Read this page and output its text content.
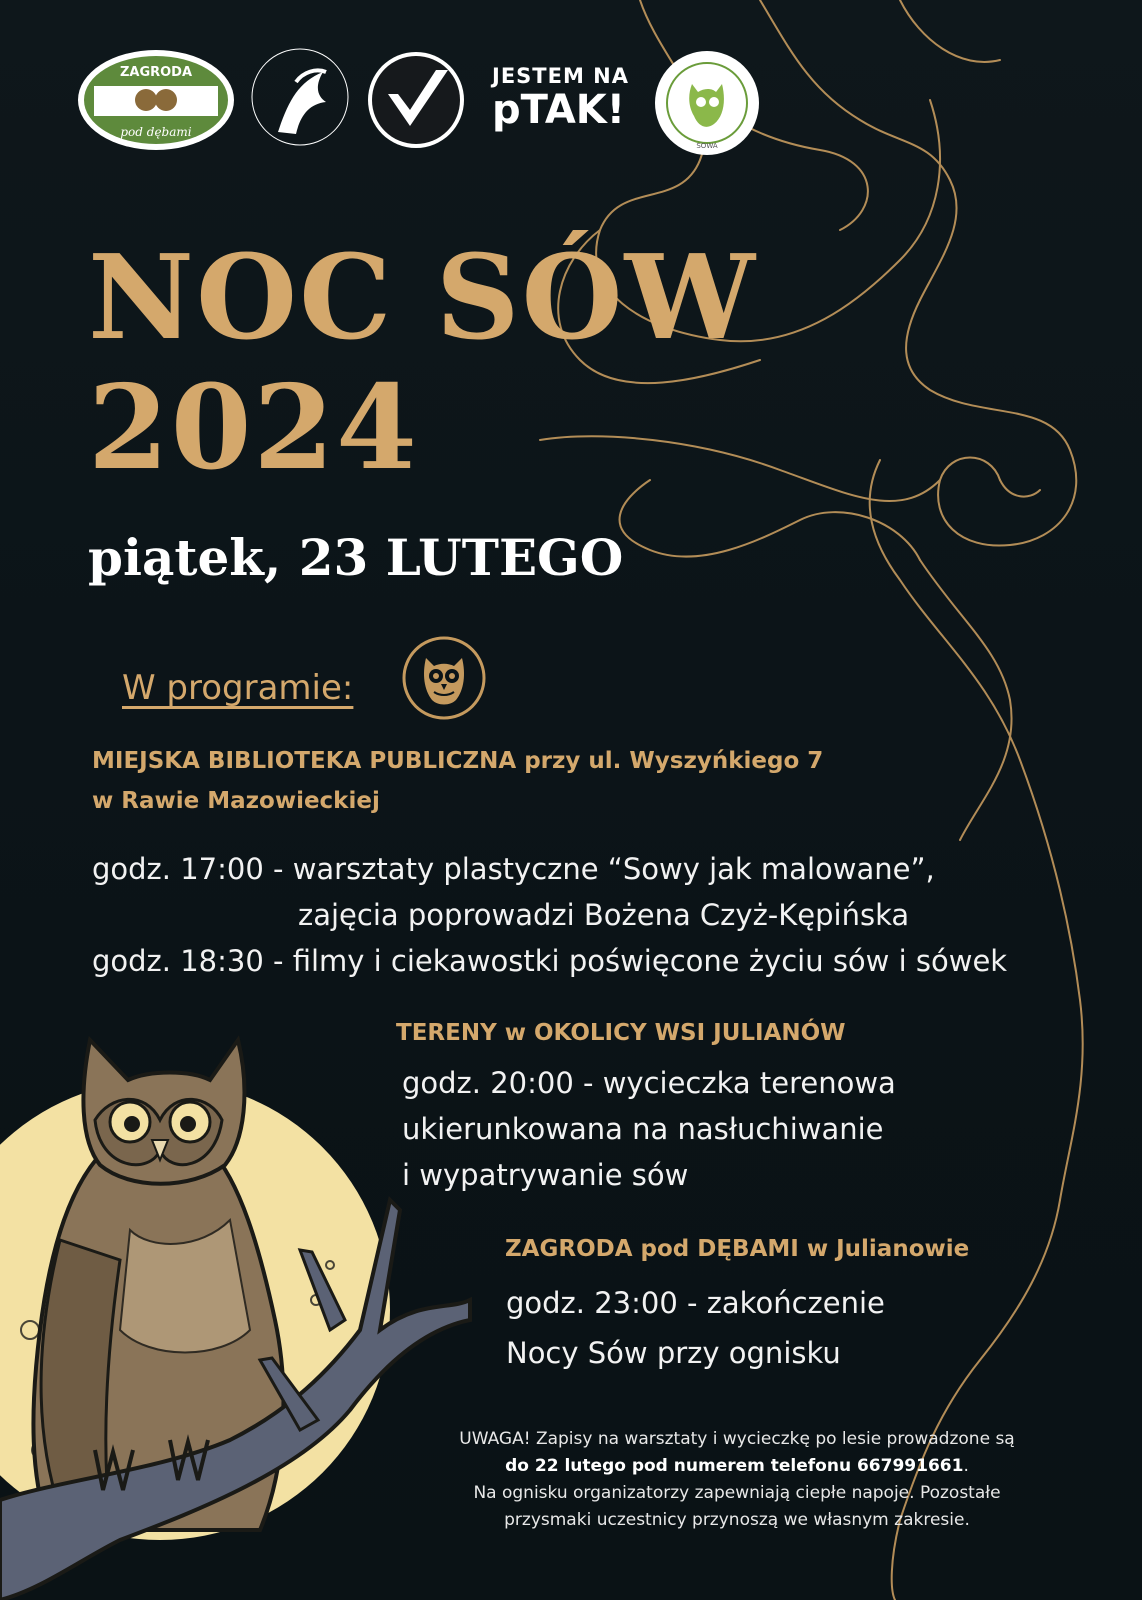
ZAGRODA
pod dębami
JESTEM NA
pTAK!
SOWA
NOC SÓW
2024
piątek, 23 LUTEGO
W programie:
MIEJSKA BIBLIOTEKA PUBLICZNA przy ul. Wyszyńkiego 7
w Rawie Mazowieckiej
godz. 17:00 - warsztaty plastyczne “Sowy jak malowane”,
zajęcia poprowadzi Bożena Czyż-Kępińska
godz. 18:30 - filmy i ciekawostki poświęcone życiu sów i sówek
TERENY w OKOLICY WSI JULIANÓW
godz. 20:00 - wycieczka terenowa
ukierunkowana na nasłuchiwanie
i wypatrywanie sów
ZAGRODA pod DĘBAMI w Julianowie
godz. 23:00 - zakończenie
Nocy Sów przy ognisku
UWAGA! Zapisy na warsztaty i wycieczkę po lesie prowadzone są
do 22 lutego pod numerem telefonu 667991661.
Na ognisku organizatorzy zapewniają ciepłe napoje. Pozostałe
przysmaki uczestnicy przynoszą we własnym zakresie.
